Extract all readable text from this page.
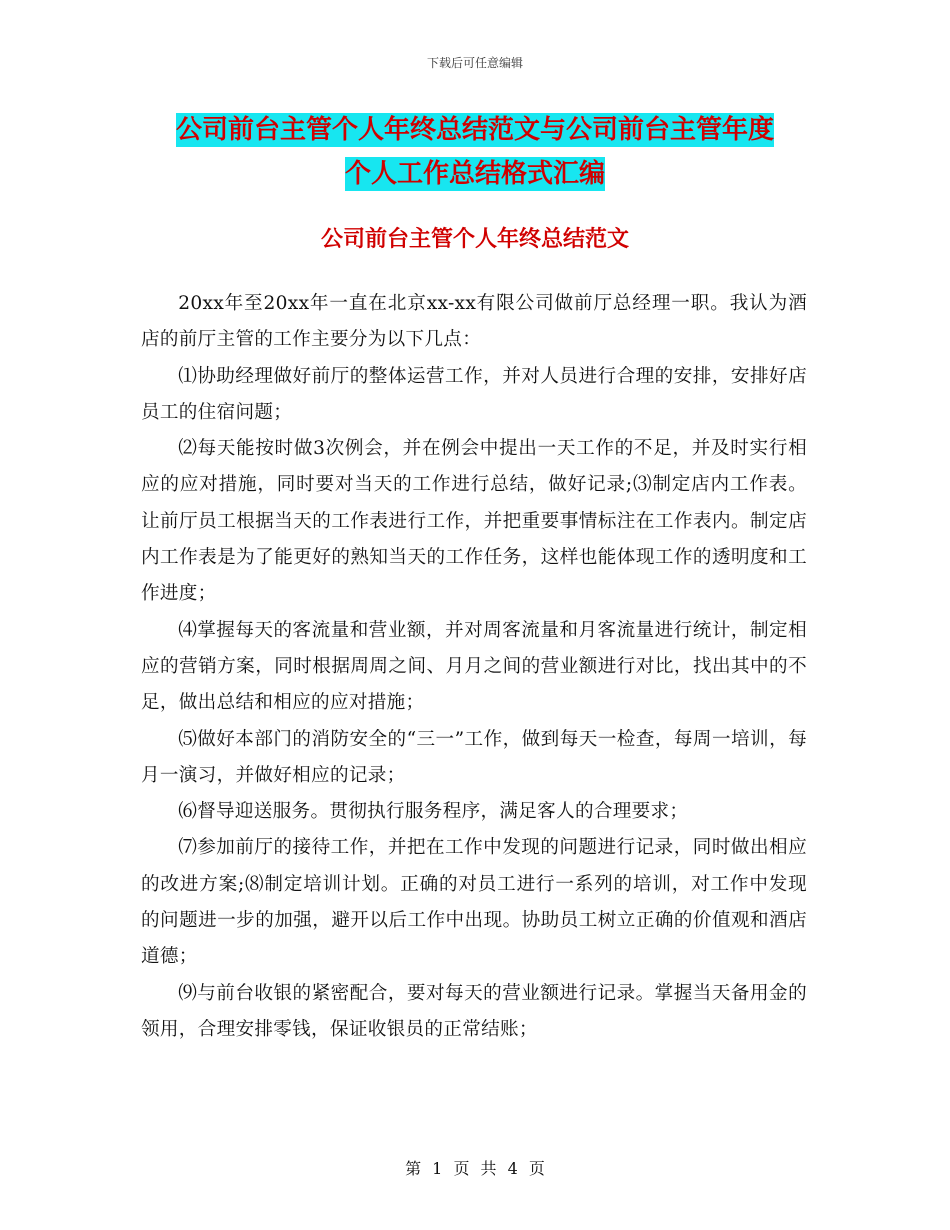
下载后可任意编辑
公司前台主管个人年终总结范文与公司前台主管年度
个人工作总结格式汇编
公司前台主管个人年终总结范文

20xx年至20xx年一直在北京xx-xx有限公司做前厅总经理一职。我认为酒店的前厅主管的工作主要分为以下几点：

⑴协助经理做好前厅的整体运营工作，并对人员进行合理的安排，安排好店员工的住宿问题；

⑵每天能按时做3次例会，并在例会中提出一天工作的不足，并及时实行相应的应对措施，同时要对当天的工作进行总结，做好记录;⑶制定店内工作表。让前厅员工根据当天的工作表进行工作，并把重要事情标注在工作表内。制定店内工作表是为了能更好的熟知当天的工作任务，这样也能体现工作的透明度和工作进度；

⑷掌握每天的客流量和营业额，并对周客流量和月客流量进行统计，制定相应的营销方案，同时根据周周之间、月月之间的营业额进行对比，找出其中的不足，做出总结和相应的应对措施；

⑸做好本部门的消防安全的“三一”工作，做到每天一检查，每周一培训，每月一演习，并做好相应的记录；

⑹督导迎送服务。贯彻执行服务程序，满足客人的合理要求；

⑺参加前厅的接待工作，并把在工作中发现的问题进行记录，同时做出相应的改进方案;⑻制定培训计划。正确的对员工进行一系列的培训，对工作中发现的问题进一步的加强，避开以后工作中出现。协助员工树立正确的价值观和酒店道德；

⑼与前台收银的紧密配合，要对每天的营业额进行记录。掌握当天备用金的领用，合理安排零钱，保证收银员的正常结账；

第 1 页 共 4 页
